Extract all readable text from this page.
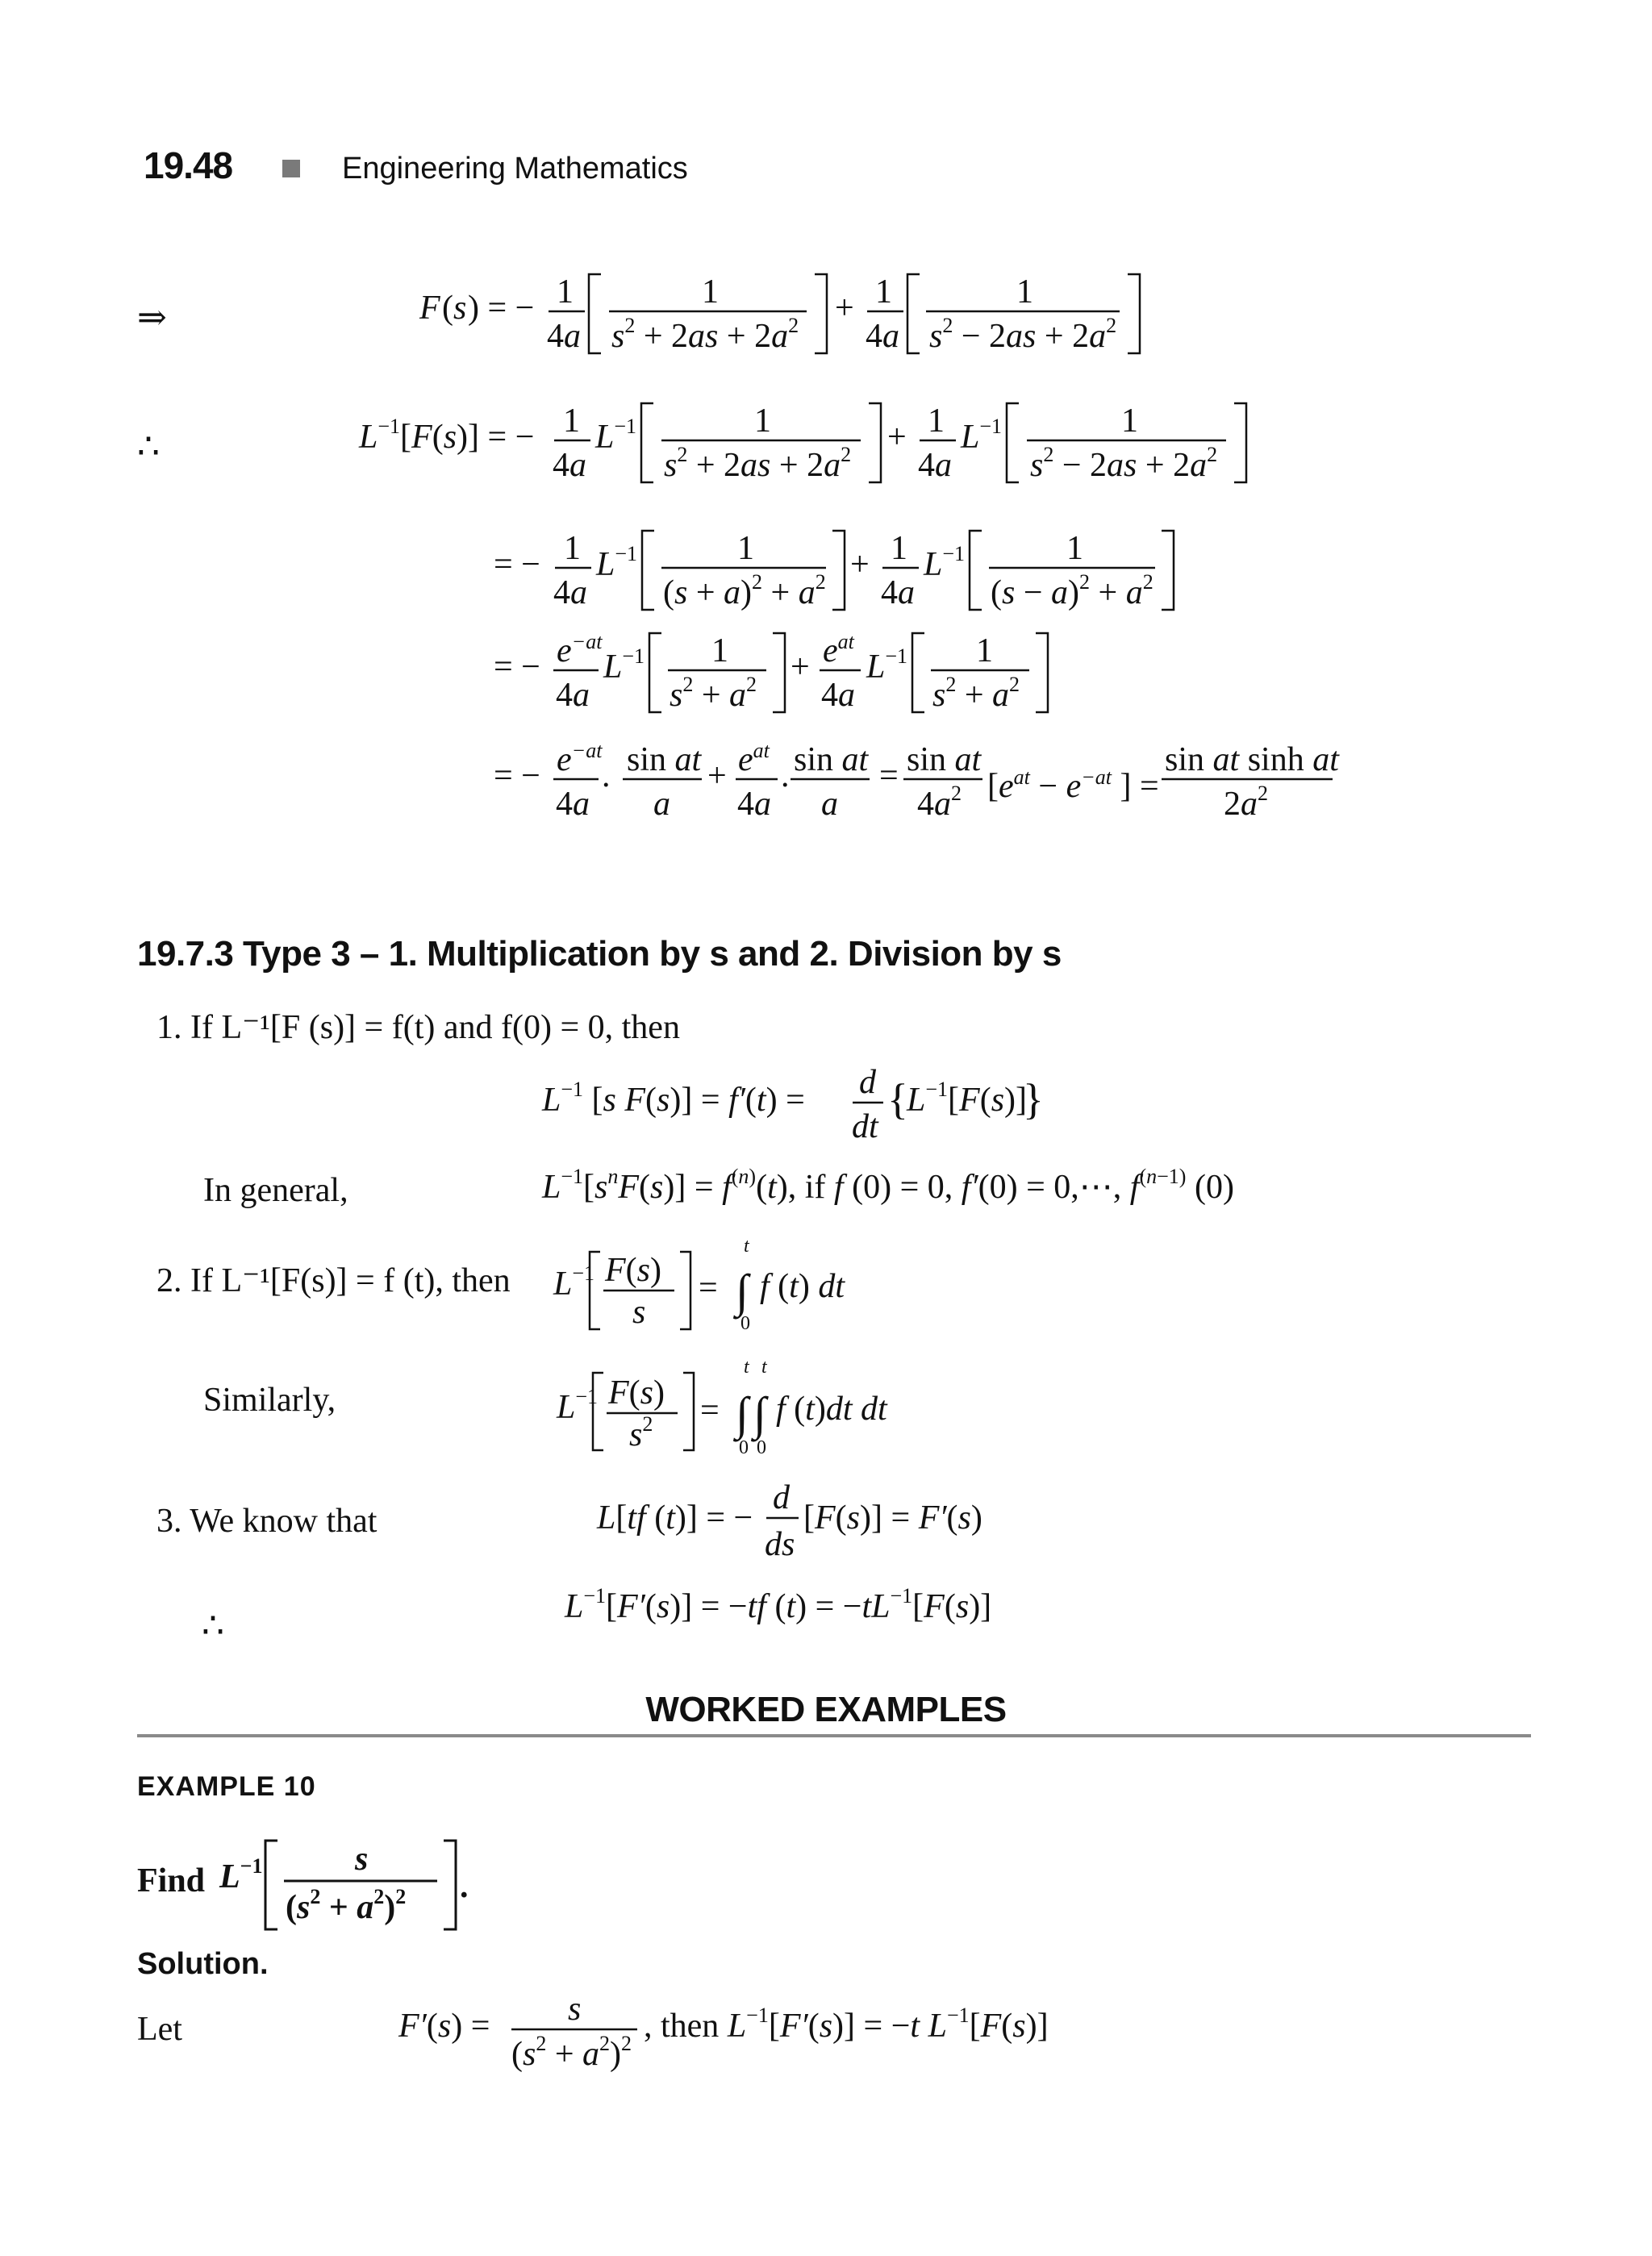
19.48	Engineering Mathematics
⇒
∴
∴
F ( s ) = − 1
4a
1
$s^2 + 2as + 2a^2 + 1$
4a
1
$s^2 - 2as + 2a^2$
$L^{-1}[F(s)]$ = − 1
4a
$L^{-1}$	1
$s^2 + 2as + 2a^2 + 1$
4a
$L^{-1}$	1
$s^2 - 2as + 2a^2$
= − 1
4a
$L^{-1}$	1
$(s + a)^2 + a^2 + 1$
4a
$L^{-1}$	1
$(s - a)^2 + a^2$
= − $e^{-at}$
4a
$L^{-1}$ 1
$s^2 + a^2 + e^{at}$
4a
$L^{-1}$ 1
$s^2 + a^2$
= − $e^{-at}$
4a
. sin at
a
+ $e^{at}$
4a
. sin at
a
= sin at
$4a^2$ [$e^{at} - e^{-at}$ ] =
sin at sinh at
$2a^2$
19.7.3 Type 3 – 1. Multiplication by s and 2. Division by s
1. If L⁻¹[F (s)] = f(t) and f(0) = 0, then
$L^{-1}$ [s F(s)] = f′(t) = d
dt
{
$L^{-1}[F(s)]$
}
In general,	$L^{-1}[s^nF(s)] = f^{(n)}(t)$, if f (0) = 0, f′(0) = 0,⋯, $f^{(n-1)}$ (0)
2. If L⁻¹[F(s)] = f (t), then $L^{-1}$ F(s)
s
=
t
∫
0
f (t) dt
Similarly,	$L^{-1}$ F(s)
$s^2$ =
t t
∫ ∫
0 0
f (t)dt dt
3. We know that	L[tf (t)] = −
d
ds
[F(s)] = F′(s)
$L^{-1}[F'(s)] = -tf$ $(t) = -tL^{-1}[F(s)]$
WORKED EXAMPLES
EXAMPLE 10
Find $L^{-1}$	s
$(s^2 + a^2)^2$ .
Solution.
Let	F′(s) = s
$(s^2 + a^2)^2$ , then $L^{-1}[F'(s)] = -t$ $L^{-1}[F(s)]$
